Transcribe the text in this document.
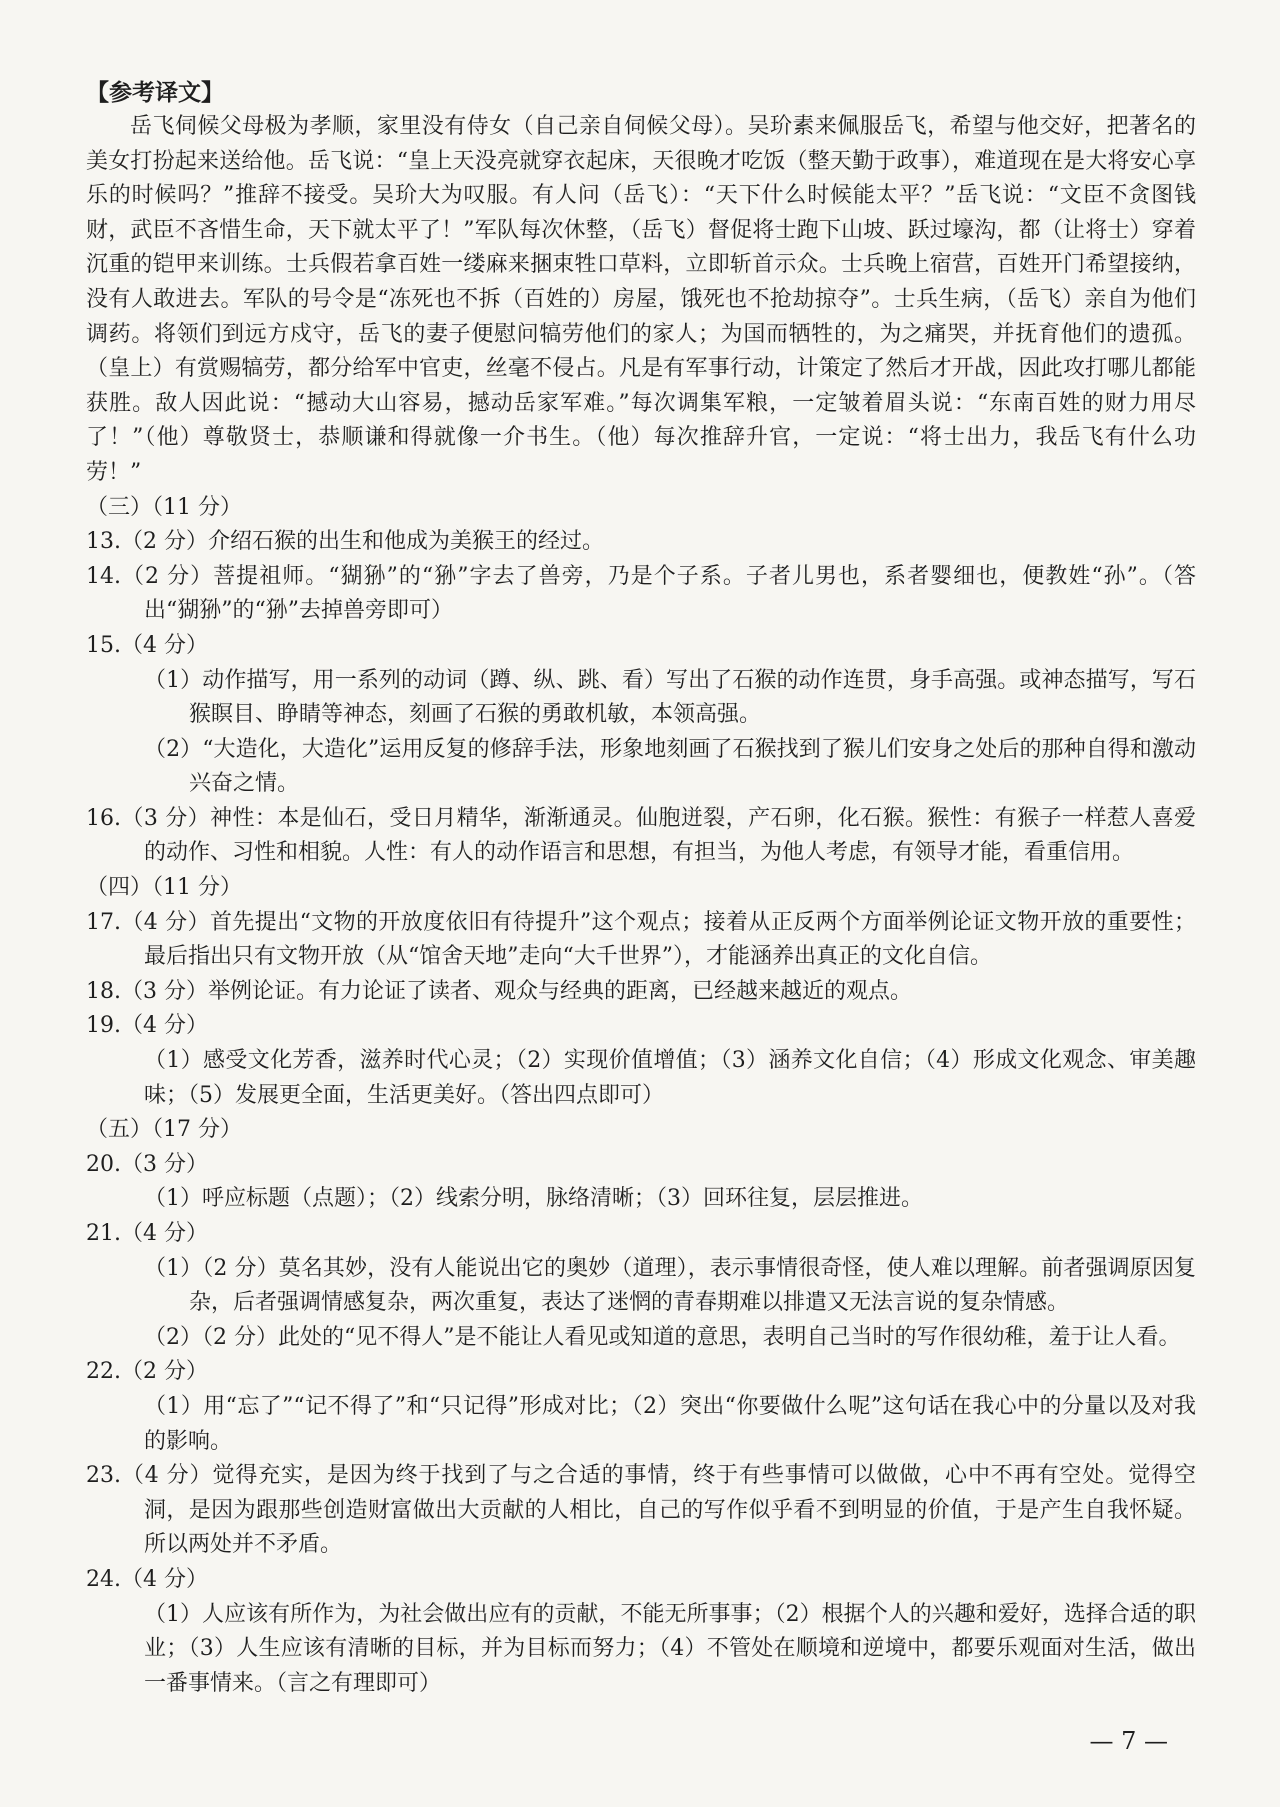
【参考译文】

岳飞伺候父母极为孝顺，家里没有侍女（自己亲自伺候父母）。吴玠素来佩服岳飞，希望与他交好，把著名的美女打扮起来送给他。岳飞说：“皇上天没亮就穿衣起床，天很晚才吃饭（整天勤于政事），难道现在是大将安心享乐的时候吗？”推辞不接受。吴玠大为叹服。有人问（岳飞）：“天下什么时候能太平？”岳飞说：“文臣不贪图钱财，武臣不吝惜生命，天下就太平了！”军队每次休整，（岳飞）督促将士跑下山坡、跃过壕沟，都（让将士）穿着沉重的铠甲来训练。士兵假若拿百姓一缕麻来捆束牲口草料，立即斩首示众。士兵晚上宿营，百姓开门希望接纳，没有人敢进去。军队的号令是“冻死也不拆（百姓的）房屋，饿死也不抢劫掠夺”。士兵生病，（岳飞）亲自为他们调药。将领们到远方戍守，岳飞的妻子便慰问犒劳他们的家人；为国而牺牲的，为之痛哭，并抚育他们的遗孤。（皇上）有赏赐犒劳，都分给军中官吏，丝毫不侵占。凡是有军事行动，计策定了然后才开战，因此攻打哪儿都能获胜。敌人因此说：“撼动大山容易，撼动岳家军难。”每次调集军粮，一定皱着眉头说：“东南百姓的财力用尽了！”（他）尊敬贤士，恭顺谦和得就像一介书生。（他）每次推辞升官，一定说：“将士出力，我岳飞有什么功劳！”

（三）（11 分）

13.（2 分）介绍石猴的出生和他成为美猴王的经过。

14.（2 分）菩提祖师。“猢狲”的“狲”字去了兽旁，乃是个子系。子者儿男也，系者婴细也，便教姓“孙”。（答出“猢狲”的“狲”去掉兽旁即可）

15.（4 分）

（1）动作描写，用一系列的动词（蹲、纵、跳、看）写出了石猴的动作连贯，身手高强。或神态描写，写石猴瞑目、睁睛等神态，刻画了石猴的勇敢机敏，本领高强。

（2）“大造化，大造化”运用反复的修辞手法，形象地刻画了石猴找到了猴儿们安身之处后的那种自得和激动兴奋之情。

16.（3 分）神性：本是仙石，受日月精华，渐渐通灵。仙胞迸裂，产石卵，化石猴。猴性：有猴子一样惹人喜爱的动作、习性和相貌。人性：有人的动作语言和思想，有担当，为他人考虑，有领导才能，看重信用。

（四）（11 分）

17.（4 分）首先提出“文物的开放度依旧有待提升”这个观点；接着从正反两个方面举例论证文物开放的重要性；最后指出只有文物开放（从“馆舍天地”走向“大千世界”），才能涵养出真正的文化自信。

18.（3 分）举例论证。有力论证了读者、观众与经典的距离，已经越来越近的观点。

19.（4 分）

（1）感受文化芳香，滋养时代心灵；（2）实现价值增值；（3）涵养文化自信；（4）形成文化观念、审美趣味；（5）发展更全面，生活更美好。（答出四点即可）

（五）（17 分）

20.（3 分）

（1）呼应标题（点题）；（2）线索分明，脉络清晰；（3）回环往复，层层推进。

21.（4 分）

（1）（2 分）莫名其妙，没有人能说出它的奥妙（道理），表示事情很奇怪，使人难以理解。前者强调原因复杂，后者强调情感复杂，两次重复，表达了迷惘的青春期难以排遣又无法言说的复杂情感。

（2）（2 分）此处的“见不得人”是不能让人看见或知道的意思，表明自己当时的写作很幼稚，羞于让人看。

22.（2 分）

（1）用“忘了”“记不得了”和“只记得”形成对比；（2）突出“你要做什么呢”这句话在我心中的分量以及对我的影响。

23.（4 分）觉得充实，是因为终于找到了与之合适的事情，终于有些事情可以做做，心中不再有空处。觉得空洞，是因为跟那些创造财富做出大贡献的人相比，自己的写作似乎看不到明显的价值，于是产生自我怀疑。所以两处并不矛盾。

24.（4 分）

（1）人应该有所作为，为社会做出应有的贡献，不能无所事事；（2）根据个人的兴趣和爱好，选择合适的职业；（3）人生应该有清晰的目标，并为目标而努力；（4）不管处在顺境和逆境中，都要乐观面对生活，做出一番事情来。（言之有理即可）

— 7 —
